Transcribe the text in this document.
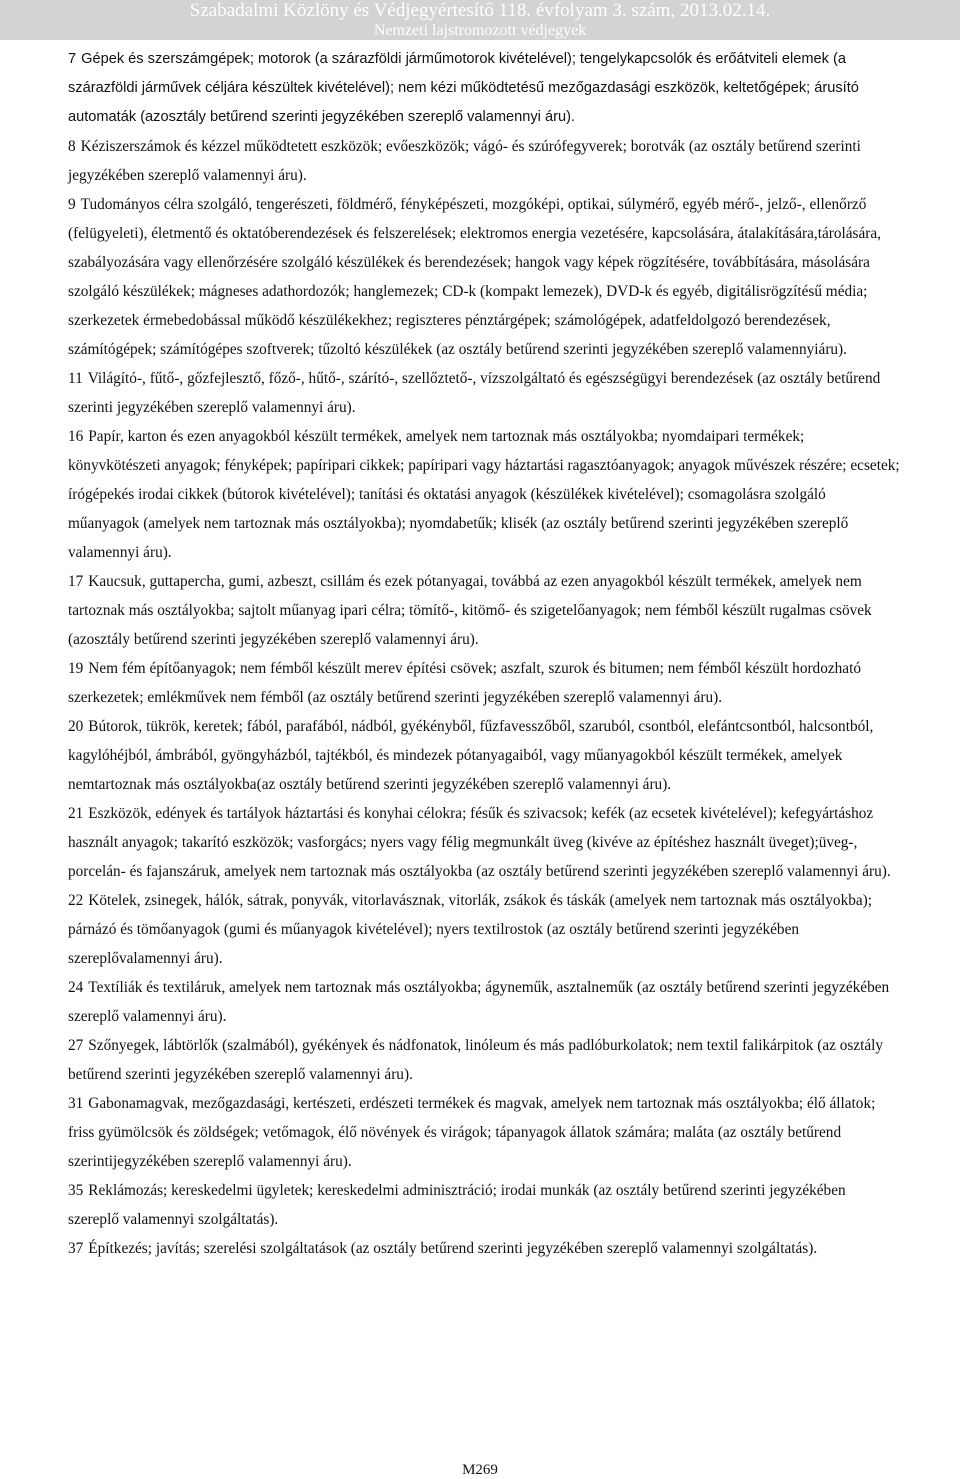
Szabadalmi Közlöny és Védjegyértesítő 118. évfolyam 3. szám, 2013.02.14.
Nemzeti lajstromozott védjegyek

7 Gépek és szerszámgépek; motorok (a szárazföldi járműmotorok kivételével); tengelykapcsolók és erőátviteli elemek (a szárazföldi járművek céljára készültek kivételével); nem kézi működtetésű mezőgazdasági eszközök, keltetőgépek; árusító automaták (azosztály betűrend szerinti jegyzékében szereplő valamennyi áru).

8 Kéziszerszámok és kézzel működtetett eszközök; evőeszközök; vágó- és szúrófegyverek; borotvák (az osztály betűrend szerinti jegyzékében szereplő valamennyi áru).

9 Tudományos célra szolgáló, tengerészeti, földmérő, fényképészeti, mozgóképi, optikai, súlymérő, egyéb mérő-, jelző-, ellenőrző (felügyeleti), életmentő és oktatóberendezések és felszerelések; elektromos energia vezetésére, kapcsolására, átalakítására,tárolására, szabályozására vagy ellenőrzésére szolgáló készülékek és berendezések; hangok vagy képek rögzítésére, továbbítására, másolására szolgáló készülékek; mágneses adathordozók; hanglemezek; CD-k (kompakt lemezek), DVD-k és egyéb, digitálisrögzítésű média; szerkezetek érmebedobással működő készülékekhez; regiszteres pénztárgépek; számológépek, adatfeldolgozó berendezések, számítógépek; számítógépes szoftverek; tűzoltó készülékek (az osztály betűrend szerinti jegyzékében szereplő valamennyiáru).

11 Világító-, fűtő-, gőzfejlesztő, főző-, hűtő-, szárító-, szellőztető-, vízszolgáltató és egészségügyi berendezések (az osztály betűrend szerinti jegyzékében szereplő valamennyi áru).

16 Papír, karton és ezen anyagokból készült termékek, amelyek nem tartoznak más osztályokba; nyomdaipari termékek; könyvkötészeti anyagok; fényképek; papíripari cikkek; papíripari vagy háztartási ragasztóanyagok; anyagok művészek részére; ecsetek; írógépekés irodai cikkek (bútorok kivételével); tanítási és oktatási anyagok (készülékek kivételével); csomagolásra szolgáló műanyagok (amelyek nem tartoznak más osztályokba); nyomdabetűk; klisék (az osztály betűrend szerinti jegyzékében szereplő valamennyi áru).

17 Kaucsuk, guttapercha, gumi, azbeszt, csillám és ezek pótanyagai, továbbá az ezen anyagokból készült termékek, amelyek nem tartoznak más osztályokba; sajtolt műanyag ipari célra; tömítő-, kitömő- és szigetelőanyagok; nem fémből készült rugalmas csövek (azosztály betűrend szerinti jegyzékében szereplő valamennyi áru).

19 Nem fém építőanyagok; nem fémből készült merev építési csövek; aszfalt, szurok és bitumen; nem fémből készült hordozható szerkezetek; emlékművek nem fémből (az osztály betűrend szerinti jegyzékében szereplő valamennyi áru).

20 Bútorok, tükrök, keretek; fából, parafából, nádból, gyékényből, fűzfavesszőből, szaruból, csontból, elefántcsontból, halcsontból, kagylóhéjból, ámbrából, gyöngyházból, tajtékból, és mindezek pótanyagaiból, vagy műanyagokból készült termékek, amelyek nemtartoznak más osztályokba(az osztály betűrend szerinti jegyzékében szereplő valamennyi áru).

21 Eszközök, edények és tartályok háztartási és konyhai célokra; fésűk és szivacsok; kefék (az ecsetek kivételével); kefegyártáshoz használt anyagok; takarító eszközök; vasforgács; nyers vagy félig megmunkált üveg (kivéve az építéshez használt üveget);üveg-, porcelán- és fajanszáruk, amelyek nem tartoznak más osztályokba (az osztály betűrend szerinti jegyzékében szereplő valamennyi áru).

22 Kötelek, zsinegek, hálók, sátrak, ponyvák, vitorlavásznak, vitorlák, zsákok és táskák (amelyek nem tartoznak más osztályokba); párnázó és tömőanyagok (gumi és műanyagok kivételével); nyers textilrostok (az osztály betűrend szerinti jegyzékében szereplővalamennyi áru).

24 Textíliák és textiláruk, amelyek nem tartoznak más osztályokba; ágyneműk, asztalneműk (az osztály betűrend szerinti jegyzékében szereplő valamennyi áru).

27 Szőnyegek, lábtörlők (szalmából), gyékények és nádfonatok, linóleum és más padlóburkolatok; nem textil falikárpitok (az osztály betűrend szerinti jegyzékében szereplő valamennyi áru).

31 Gabonamagvak, mezőgazdasági, kertészeti, erdészeti termékek és magvak, amelyek nem tartoznak más osztályokba; élő állatok; friss gyümölcsök és zöldségek; vetőmagok, élő növények és virágok; tápanyagok állatok számára; maláta (az osztály betűrend szerintijegyzékében szereplő valamennyi áru).

35 Reklámozás; kereskedelmi ügyletek; kereskedelmi adminisztráció; irodai munkák (az osztály betűrend szerinti jegyzékében szereplő valamennyi szolgáltatás).

37 Építkezés; javítás; szerelési szolgáltatások (az osztály betűrend szerinti jegyzékében szereplő valamennyi szolgáltatás).

M269
